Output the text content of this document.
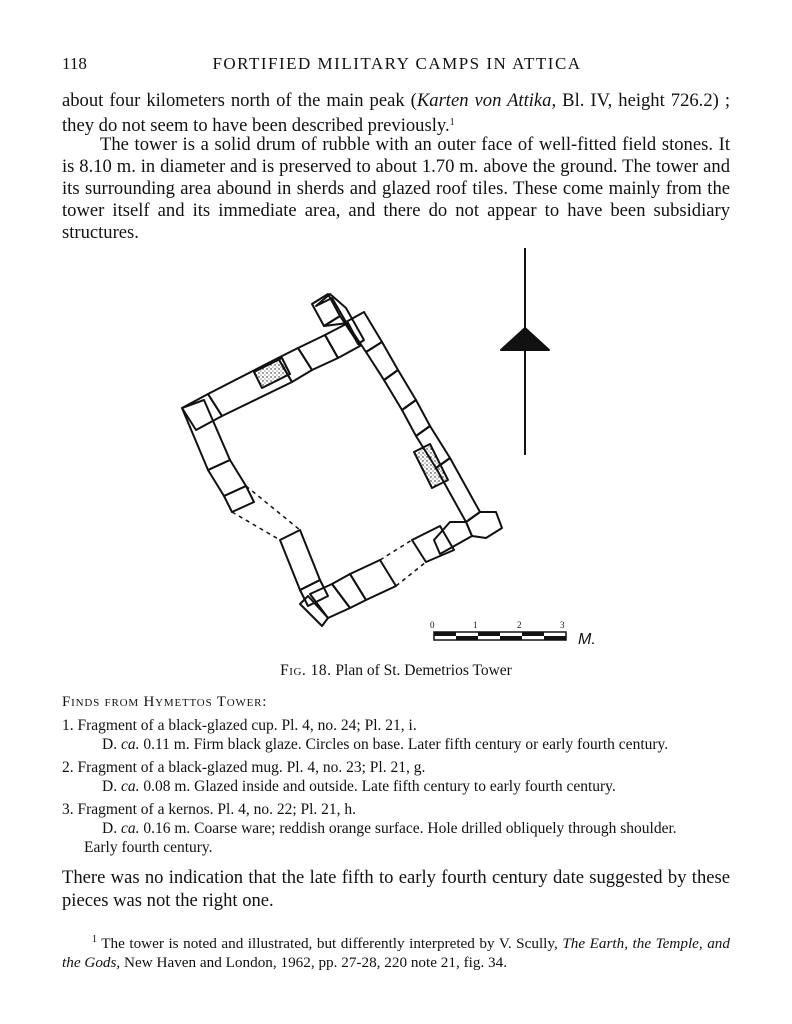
118	FORTIFIED MILITARY CAMPS IN ATTICA
about four kilometers north of the main peak (Karten von Attika, Bl. IV, height 726.2) ; they do not seem to have been described previously.$^1$
The tower is a solid drum of rubble with an outer face of well-fitted field stones. It is 8.10 m. in diameter and is preserved to about 1.70 m. above the ground. The tower and its surrounding area abound in sherds and glazed roof tiles. These come mainly from the tower itself and its immediate area, and there do not appear to have been subsidiary structures.
0	1	2	3
M.
Fig. 18. Plan of St. Demetrios Tower
Finds from Hymettos Tower:
1. Fragment of a black-glazed cup. Pl. 4, no. 24; Pl. 21, i.
D. ca. 0.11 m. Firm black glaze. Circles on base. Later fifth century or early fourth century.
2. Fragment of a black-glazed mug. Pl. 4, no. 23; Pl. 21, g.
D. ca. 0.08 m. Glazed inside and outside. Late fifth century to early fourth century.
3. Fragment of a kernos. Pl. 4, no. 22; Pl. 21, h.
D. ca. 0.16 m. Coarse ware; reddish orange surface. Hole drilled obliquely through shoulder.
Early fourth century.
There was no indication that the late fifth to early fourth century date suggested by these pieces was not the right one.
$^1$ The tower is noted and illustrated, but differently interpreted by V. Scully, The Earth, the Temple, and the Gods, New Haven and London, 1962, pp. 27-28, 220 note 21, fig. 34.
